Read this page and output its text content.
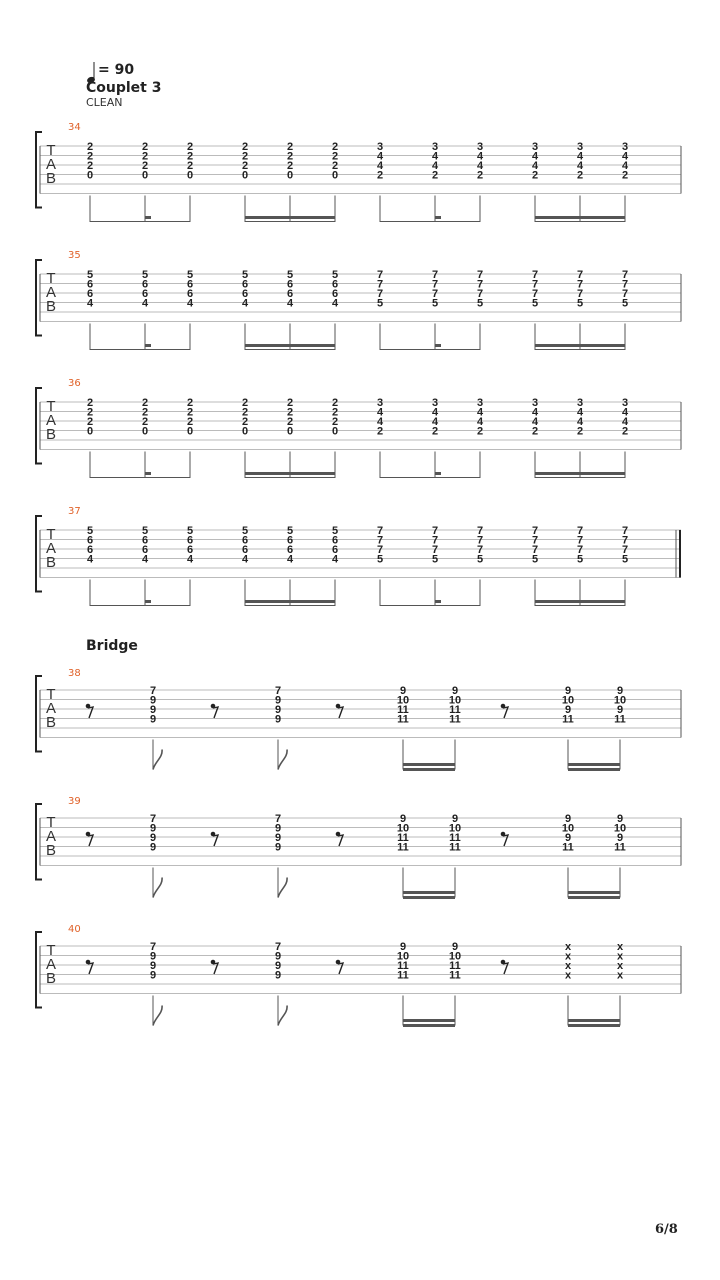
= 90
Couplet 3
CLEAN
34
T
A
B
2
2
2
0
2
2
2
0
2
2
2
0
2
2
2
0
2
2
2
0
2
2
2
0
3
4
4
2
3
4
4
2
3
4
4
2
3
4
4
2
3
4
4
2
3
4
4
2
35
T
A
B
5
6
6
4
5
6
6
4
5
6
6
4
5
6
6
4
5
6
6
4
5
6
6
4
7
7
7
5
7
7
7
5
7
7
7
5
7
7
7
5
7
7
7
5
7
7
7
5
36
T
A
B
2
2
2
0
2
2
2
0
2
2
2
0
2
2
2
0
2
2
2
0
2
2
2
0
3
4
4
2
3
4
4
2
3
4
4
2
3
4
4
2
3
4
4
2
3
4
4
2
37
T
A
B
5
6
6
4
5
6
6
4
5
6
6
4
5
6
6
4
5
6
6
4
5
6
6
4
7
7
7
5
7
7
7
5
7
7
7
5
7
7
7
5
7
7
7
5
7
7
7
5
Bridge
38
T
A
B
7
9
9
9
7
9
9
9
9
10
11
11
9
10
11
11
9
10
9
11
9
10
9
11
39
T
A
B
7
9
9
9
7
9
9
9
9
10
11
11
9
10
11
11
9
10
9
11
9
10
9
11
40
T
A
B
7
9
9
9
7
9
9
9
9
10
11
11
9
10
11
11
x
x
x
x
x
x
x
x
6/8
